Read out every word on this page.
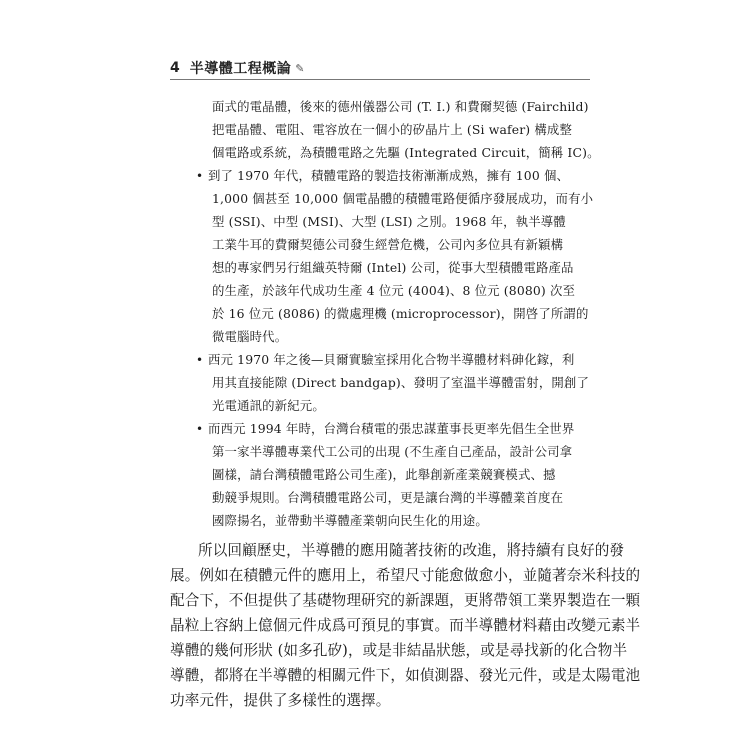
4 半導體工程概論 ✎
面式的電晶體，後來的德州儀器公司 (T. I.) 和費爾契德 (Fairchild)
把電晶體、電阻、電容放在一個小的矽晶片上 (Si wafer) 構成整
個電路或系統，為積體電路之先驅 (Integrated Circuit，簡稱 IC)。
• 到了 1970 年代，積體電路的製造技術漸漸成熟，擁有 100 個、
1,000 個甚至 10,000 個電晶體的積體電路便循序發展成功，而有小
型 (SSI)、中型 (MSI)、大型 (LSI) 之別。1968 年，執半導體
工業牛耳的費爾契德公司發生經營危機，公司內多位具有新穎構
想的專家們另行組織英特爾 (Intel) 公司，從事大型積體電路產品
的生產，於該年代成功生產 4 位元 (4004)、8 位元 (8080) 次至
於 16 位元 (8086) 的微處理機 (microprocessor)，開啓了所謂的
微電腦時代。
• 西元 1970 年之後—貝爾實驗室採用化合物半導體材料砷化鎵，利
用其直接能隙 (Direct bandgap)、發明了室溫半導體雷射，開創了
光電通訊的新紀元。
• 而西元 1994 年時，台灣台積電的張忠謀董事長更率先倡生全世界
第一家半導體專業代工公司的出現 (不生產自己產品，設計公司拿
圖樣，請台灣積體電路公司生產)，此舉創新產業競賽模式、撼
動競爭規則。台灣積體電路公司，更是讓台灣的半導體業首度在
國際揚名，並帶動半導體產業朝向民生化的用途。
所以回顧歷史，半導體的應用隨著技術的改進，將持續有良好的發
展。例如在積體元件的應用上，希望尺寸能愈做愈小，並隨著奈米科技的
配合下，不但提供了基礎物理研究的新課題，更將帶領工業界製造在一顆
晶粒上容納上億個元件成爲可預見的事實。而半導體材料藉由改變元素半
導體的幾何形狀 (如多孔矽)，或是非結晶狀態，或是尋找新的化合物半
導體，都將在半導體的相關元件下，如偵測器、發光元件，或是太陽電池
功率元件，提供了多樣性的選擇。
